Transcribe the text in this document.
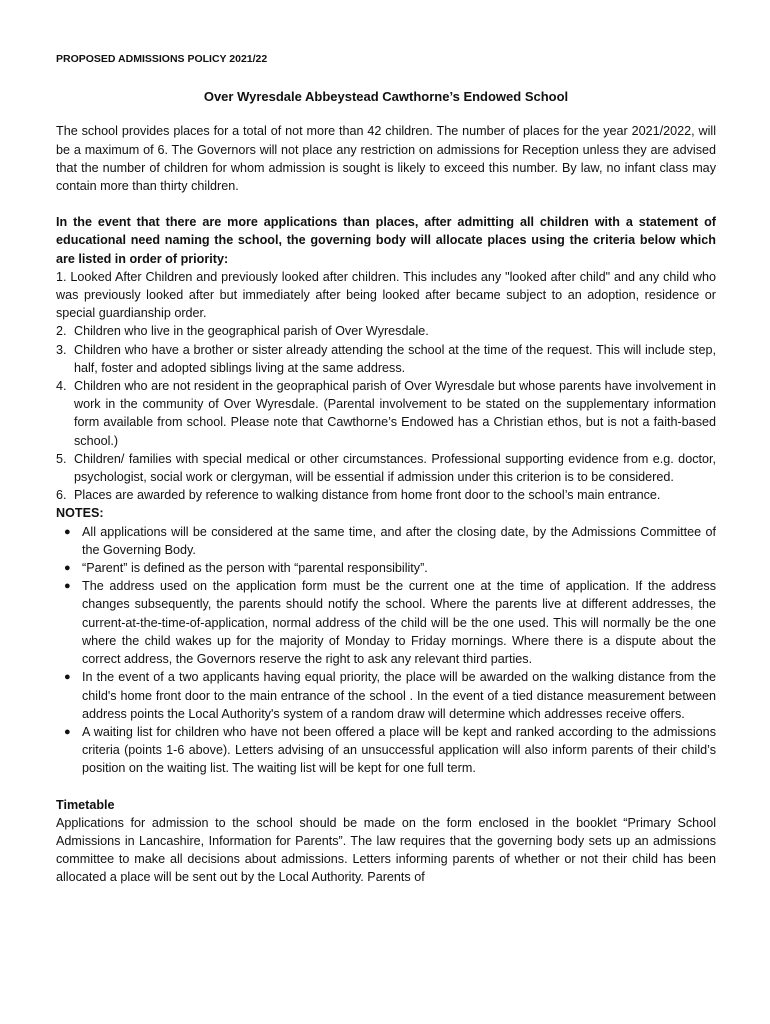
PROPOSED ADMISSIONS POLICY 2021/22
Over Wyresdale Abbeystead Cawthorne’s Endowed School

The school provides places for a total of not more than 42 children. The number of places for the year 2021/2022, will be a maximum of 6. The Governors will not place any restriction on admissions for Reception unless they are advised that the number of children for whom admission is sought is likely to exceed this number. By law, no infant class may contain more than thirty children.

In the event that there are more applications than places, after admitting all children with a statement of educational need naming the school, the governing body will allocate places using the criteria below which are listed in order of priority:

1. Looked After Children and previously looked after children. This includes any "looked after child" and any child who was previously looked after but immediately after being looked after became subject to an adoption, residence or special guardianship order.
2. Children who live in the geographical parish of Over Wyresdale.
3. Children who have a brother or sister already attending the school at the time of the request. This will include step, half, foster and adopted siblings living at the same address.
4. Children who are not resident in the geopraphical parish of Over Wyresdale but whose parents have involvement in work in the community of Over Wyresdale. (Parental involvement to be stated on the supplementary information form available from school. Please note that Cawthorne’s Endowed has a Christian ethos, but is not a faith-based school.)
5. Children/ families with special medical or other circumstances. Professional supporting evidence from e.g. doctor, psychologist, social work or clergyman, will be essential if admission under this criterion is to be considered.
6. Places are awarded by reference to walking distance from home front door to the school’s main entrance.
NOTES:
● All applications will be considered at the same time, and after the closing date, by the Admissions Committee of the Governing Body.
● “Parent” is defined as the person with “parental responsibility”.
● The address used on the application form must be the current one at the time of application. If the address changes subsequently, the parents should notify the school. Where the parents live at different addresses, the current-at-the-time-of-application, normal address of the child will be the one used. This will normally be the one where the child wakes up for the majority of Monday to Friday mornings. Where there is a dispute about the correct address, the Governors reserve the right to ask any relevant third parties.
● In the event of a two applicants having equal priority, the place will be awarded on the walking distance from the child's home front door to the main entrance of the school . In the event of a tied distance measurement between address points the Local Authority's system of a random draw will determine which addresses receive offers.
● A waiting list for children who have not been offered a place will be kept and ranked according to the admissions criteria (points 1-6 above). Letters advising of an unsuccessful application will also inform parents of their child’s position on the waiting list. The waiting list will be kept for one full term.
Timetable

Applications for admission to the school should be made on the form enclosed in the booklet “Primary School Admissions in Lancashire, Information for Parents”. The law requires that the governing body sets up an admissions committee to make all decisions about admissions. Letters informing parents of whether or not their child has been allocated a place will be sent out by the Local Authority. Parents of
